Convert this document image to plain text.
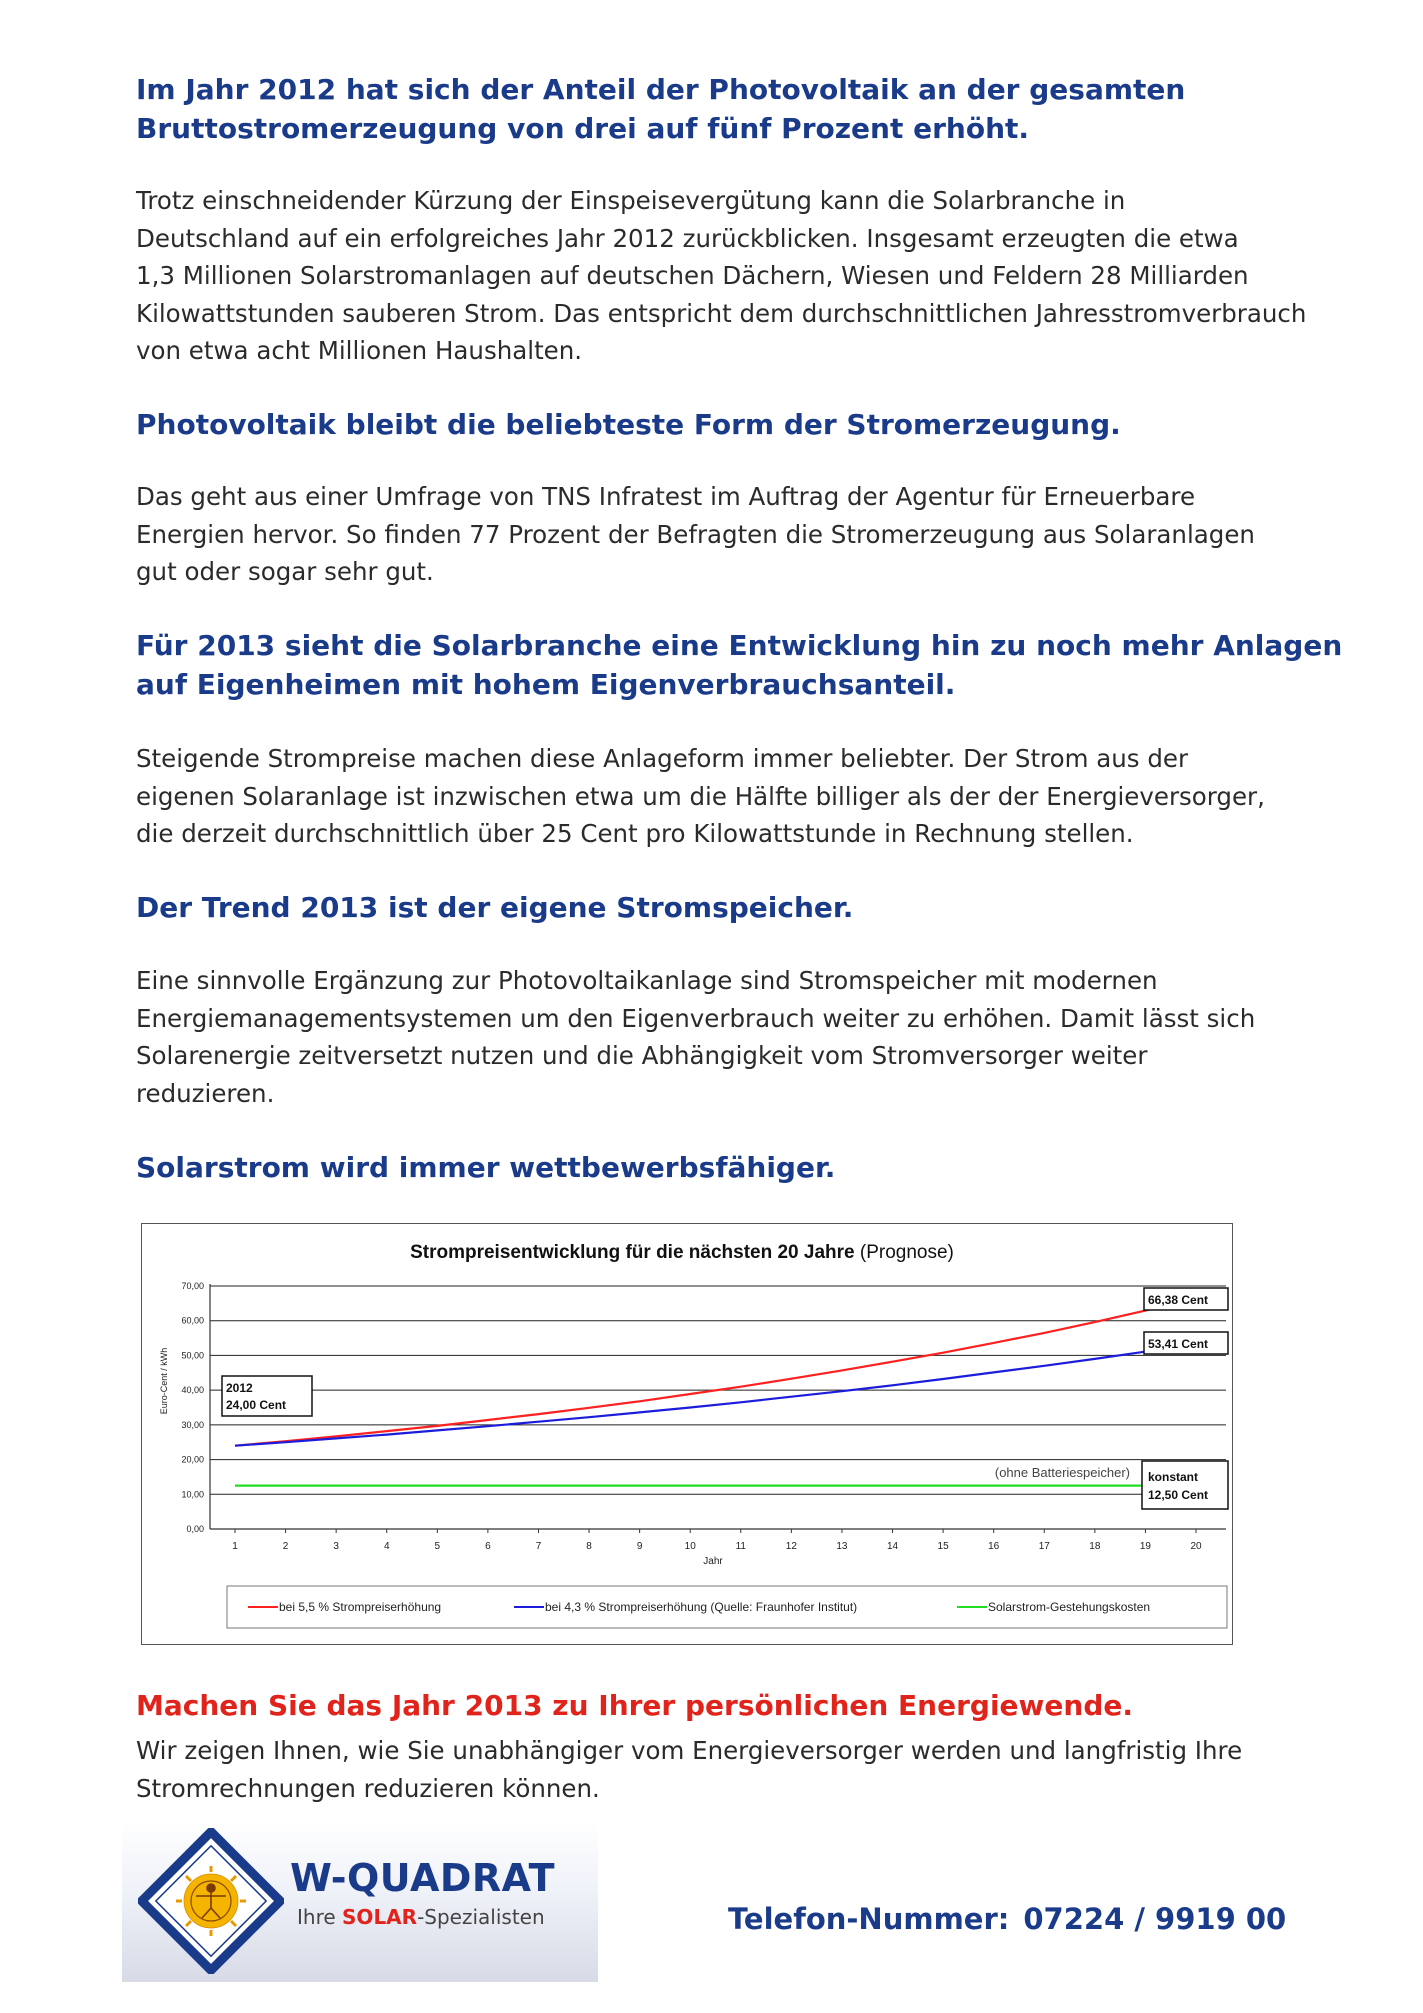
Im Jahr 2012 hat sich der Anteil der Photovoltaik an der gesamten
Bruttostromerzeugung von drei auf fünf Prozent erhöht.

Trotz einschneidender Kürzung der Einspeisevergütung kann die Solarbranche in
Deutschland auf ein erfolgreiches Jahr 2012 zurückblicken. Insgesamt erzeugten die etwa
1,3 Millionen Solarstromanlagen auf deutschen Dächern, Wiesen und Feldern 28 Milliarden
Kilowattstunden sauberen Strom. Das entspricht dem durchschnittlichen Jahresstromverbrauch
von etwa acht Millionen Haushalten.

Photovoltaik bleibt die beliebteste Form der Stromerzeugung.

Das geht aus einer Umfrage von TNS Infratest im Auftrag der Agentur für Erneuerbare
Energien hervor. So finden 77 Prozent der Befragten die Stromerzeugung aus Solaranlagen
gut oder sogar sehr gut.

Für 2013 sieht die Solarbranche eine Entwicklung hin zu noch mehr Anlagen
auf Eigenheimen mit hohem Eigenverbrauchsanteil.

Steigende Strompreise machen diese Anlageform immer beliebter. Der Strom aus der
eigenen Solaranlage ist inzwischen etwa um die Hälfte billiger als der der Energieversorger,
die derzeit durchschnittlich über 25 Cent pro Kilowattstunde in Rechnung stellen.

Der Trend 2013 ist der eigene Stromspeicher.

Eine sinnvolle Ergänzung zur Photovoltaikanlage sind Stromspeicher mit modernen
Energiemanagementsystemen um den Eigenverbrauch weiter zu erhöhen. Damit lässt sich
Solarenergie zeitversetzt nutzen und die Abhängigkeit vom Stromversorger weiter
reduzieren.

Solarstrom wird immer wettbewerbsfähiger.
Strompreisentwicklung für die nächsten 20 Jahre (Prognose)
0,00
10,00
20,00
30,00
40,00
50,00
60,00
70,00
1	2	3	4	5	6	7	8	9	10	11	12	13	14	15	16	17	18	19	20
Euro-Cent / kWh
Jahr
2012
24,00 Cent
66,38 Cent
53,41 Cent
konstant
12,50 Cent
(ohne Batteriespeicher)
bei 5,5 % Strompreiserhöhung	bei 4,3 % Strompreiserhöhung (Quelle: Fraunhofer Institut)	Solarstrom-Gestehungskosten
Machen Sie das Jahr 2013 zu Ihrer persönlichen Energiewende.

Wir zeigen Ihnen, wie Sie unabhängiger vom Energieversorger werden und langfristig Ihre
Stromrechnungen reduzieren können.

W-QUADRAT
Ihre SOLAR-Spezialisten	Telefon-Nummer: 07224 / 9919 00
